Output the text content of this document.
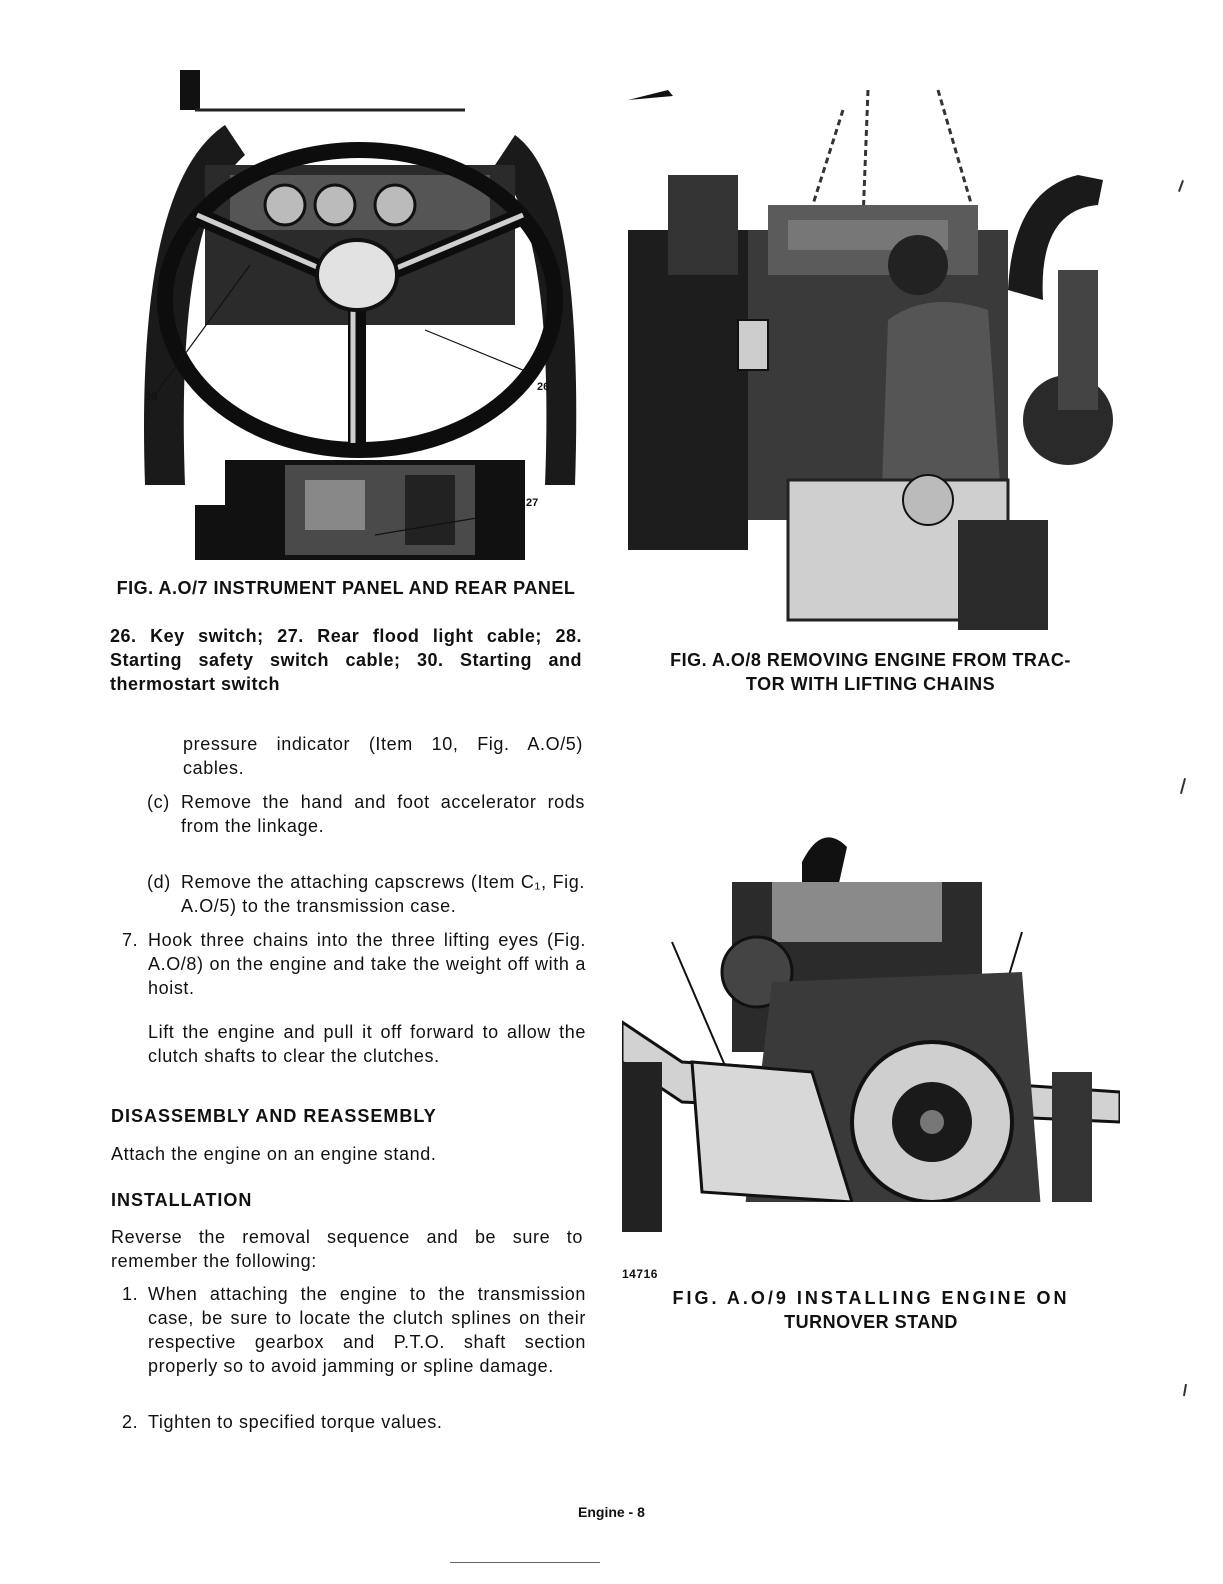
30
26
27
FIG. A.O/7 INSTRUMENT PANEL AND REAR PANEL
26. Key switch; 27. Rear flood light cable; 28. Starting safety switch cable; 30. Starting and thermostart switch
FIG. A.O/8 REMOVING ENGINE FROM TRAC-
TOR WITH LIFTING CHAINS
pressure indicator (Item 10, Fig. A.O/5) cables.
(c) Remove the hand and foot accelerator rods from the linkage.
(d) Remove the attaching capscrews (Item C₁, Fig. A.O/5) to the transmission case.
7. Hook three chains into the three lifting eyes (Fig. A.O/8) on the engine and take the weight off with a hoist.
Lift the engine and pull it off forward to allow the clutch shafts to clear the clutches.
DISASSEMBLY AND REASSEMBLY
Attach the engine on an engine stand.
INSTALLATION
Reverse the removal sequence and be sure to remember the following:
1. When attaching the engine to the transmission case, be sure to locate the clutch splines on their respective gearbox and P.T.O. shaft section properly so to avoid jamming or spline damage.
2. Tighten to specified torque values.
14716
FIG. A.O/9 INSTALLING ENGINE ON
TURNOVER STAND
Engine - 8
